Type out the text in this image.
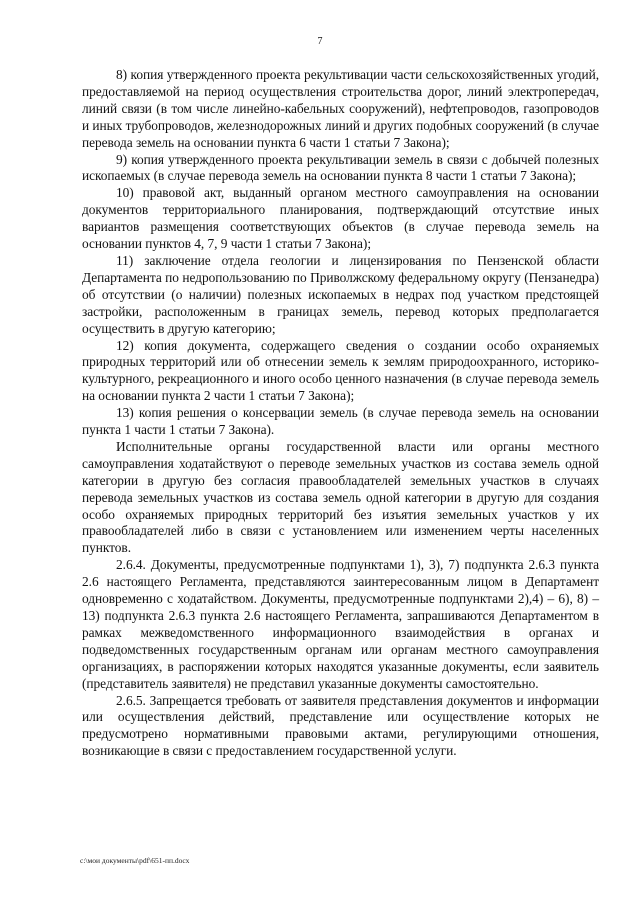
7

8) копия утвержденного проекта рекультивации части сельскохозяйственных угодий, предоставляемой на период осуществления строительства дорог, линий электропередач, линий связи (в том числе линейно-кабельных сооружений), нефтепроводов, газопроводов и иных трубопроводов, железнодорожных линий и других подобных сооружений (в случае перевода земель на основании пункта 6 части 1 статьи 7 Закона);

9) копия утвержденного проекта рекультивации земель в связи с добычей полезных ископаемых (в случае перевода земель на основании пункта 8 части 1 статьи 7 Закона);

10) правовой акт, выданный органом местного самоуправления на основании документов территориального планирования, подтверждающий отсутствие иных вариантов размещения соответствующих объектов (в случае перевода земель на основании пунктов 4, 7, 9 части 1 статьи 7 Закона);

11) заключение отдела геологии и лицензирования по Пензенской области Департамента по недропользованию по Приволжскому федеральному округу (Пензанедра) об отсутствии (о наличии) полезных ископаемых в недрах под участком предстоящей застройки, расположенным в границах земель, перевод которых предполагается осуществить в другую категорию;

12) копия документа, содержащего сведения о создании особо охраняемых природных территорий или об отнесении земель к землям природоохранного, историко-культурного, рекреационного и иного особо ценного назначения (в случае перевода земель на основании пункта 2 части 1 статьи 7 Закона);

13) копия решения о консервации земель (в случае перевода земель на основании пункта 1 части 1 статьи 7 Закона).

Исполнительные органы государственной власти или органы местного самоуправления ходатайствуют о переводе земельных участков из состава земель одной категории в другую без согласия правообладателей земельных участков в случаях перевода земельных участков из состава земель одной категории в другую для создания особо охраняемых природных территорий без изъятия земельных участков у их правообладателей либо в связи с установлением или изменением черты населенных пунктов.

2.6.4. Документы, предусмотренные подпунктами 1), 3), 7) подпункта 2.6.3 пункта 2.6 настоящего Регламента, представляются заинтересованным лицом в Департамент одновременно с ходатайством. Документы, предусмотренные подпунктами 2),4) – 6), 8) – 13) подпункта 2.6.3 пункта 2.6 настоящего Регламента, запрашиваются Департаментом в рамках межведомственного информационного взаимодействия в органах и подведомственных государственным органам или органам местного самоуправления организациях, в распоряжении которых находятся указанные документы, если заявитель (представитель заявителя) не представил указанные документы самостоятельно.

2.6.5. Запрещается требовать от заявителя представления документов и информации или осуществления действий, представление или осуществление которых не предусмотрено нормативными правовыми актами, регулирующими отношения, возникающие в связи с предоставлением государственной услуги.

c:\мои документы\pdf\651-пп.docx
